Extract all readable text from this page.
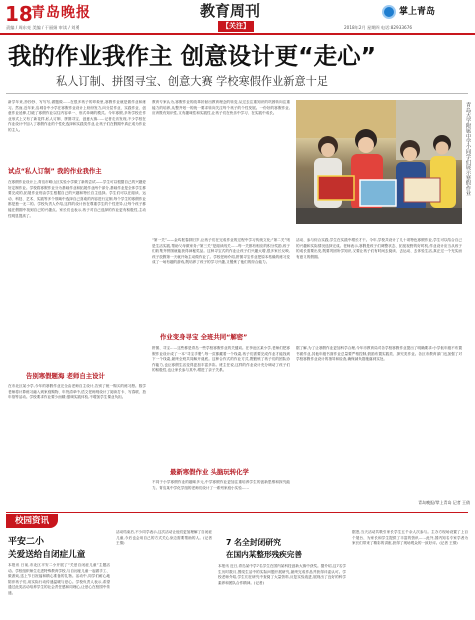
18
青岛晚报
责编 / 周东亮 美编 / 于丽娟 审读 / 刘勇
教育周刊
【关注】
掌上青岛
2018年2月 星期四 电话:82933676
我的作业我作主 创意设计更“走心”
私人订制、拼图寻宝、创意大赛 学校寒假作业新意十足
青岛大学附属中学小同学们展示寒假作业
新学年来,抄抄抄、写写写,做题做……在很多孩子的印象里,寒假作业就是做作业和练习。然而,近年来,岛城各中小学在寒假作业设计上纷纷发力,向分层作业、实践作业、创意作业延伸,打破了寒假作业以往内容单一、形式单调的模式。今年寒假,多所学校在作业形式上又有了新花样,私人订制、拼图寻宝、创意大赛……记者走访发现,不少学校在作业设计中加入了寒假作业的个性化选择和实践类作业,让孩子们在假期中真正成为作业的主人。
试点“私人订制” 我的作业我作主
在寒假作业设计上,青岛市崂山区实验小学做了新的尝试——学生可以根据自己的兴趣爱好定制作业。学校将寒假作业分为基础作业和拓展作业两个部分,基础作业是全体学生都要完成的,拓展作业则由学生根据自己的兴趣和特长自主选择。学生们可以在阅读、运动、科技、艺术、实践等多个领域中选择自己喜欢的内容进行定制,每个学生的寒假作业都是独一无二的。学校负责人介绍,这样的设计旨在尊重学生的个性差异,让每个孩子都能在假期中找到自己的兴趣点。家长们也表示,孩子对自己选择的作业更有积极性,主动性明显提高了。
告别寒假题海 老师自主设计
在市北区某小学,今年的寒假作业完全由老师自主设计,告别了统一购买的练习册。数学老师将计算练习融入到家庭购物、年货清单中,语文老师则设计了阅读打卡、写春联、拍年俗等活动。学校要求作业要少而精,强调实践体验,不增加学生课业负担。
教育专家认为,寒假作业的改革折射出教育理念的转变,从过去注重知识的巩固转向注重能力的培养,从整齐划一的统一要求转向关注每个孩子的个性发展。一份好的寒假作业,应该既有知识性,又有趣味性和实践性,让孩子们在快乐中学习、在实践中成长。
“第一关”——金鸡报春辞旧岁,让孩子们在完成作业的过程中学习传统文化;“第二关”则是生活实践,帮助父母做家务;“第三关”是阅读闯关……每一关都有相应的积分奖励,孩子们收集齐拼图就能获得神秘奖品。这种寻宝式的作业让孩子们兴趣大增,很多家长反映,孩子放假第一天就开始主动做作业了。学校老师介绍,拼图寻宝作业把原本枯燥的练习变成了一场有趣的游戏,既培养了孩子的学习兴趣,又锻炼了他们的综合能力。
作业变身寻宝 全班共同“解密”
拼图、寻宝……这些都是青岛一些学校寒假作业的关键词。在李沧区某小学,老师们把寒假作业设计成了一本“寻宝手册”,每一页都藏着一个线索,孩子们需要完成作业才能找到下一个线索,最终全班共同解开谜底。这种合作式的作业方式,既锻炼了孩子们的团队协作能力,也让寒假生活变得更加丰富多彩。班主任说,这样的作业设计充分调动了孩子们的积极性,也让家长参与其中,增进了亲子关系。
最新寒假作业 头脑玩转化学
不同于小学寒假作业的趣味多元,中学寒假作业更加注重培养学生的创新思维和探究能力。青岛某中学化学组的老师们设计了一系列家庭小实验……
活动、参与综合实践,学生在实践中增长才干。今年,学校共设计了几十项特色寒假作业,学生可以结合自己的兴趣和实际情况选择完成。老师表示,寒假是孩子们调整状态、拓宽视野的好时机,作业设计应当从孩子的成长需要出发,既要巩固所学知识,又要让孩子们有时间去阅读、去运动、去体验生活,真正过一个充实而有意义的假期。
据了解,为了让寒假作业更加科学合理,今年市教育局对各学校寒假作业提出了明确要求:小学低年级不布置书面作业,其他年级书面作业总量要严格控制,鼓励布置实践类、探究类作业。各区市教育部门也加强了对学校寒假作业设计的指导和检查,确保减负措施落到实处。
青岛晚报/掌上青岛 记者 王倩
校园资讯
平安二小
关爱送给自闭症儿童
本报讯 日前,市北区平安二小开展了“关爱自闭症儿童”主题活动。学校组织师生走进特殊教育学校,与自闭症儿童一起做手工、做游戏,送上节日祝福和精心准备的礼物。活动中,同学们耐心地陪伴孩子们,用实际行动传递温暖与爱心。学校负责人表示,希望通过此类活动培养学生的社会责任感和同理心,让爱心在校园中传递。
活动结束后,不少同学表示,这次活动让他们更加理解了自闭症儿童,今后也会用自己的方式关心身边需要帮助的人。(记者 王倩)	7 名全封闭研究
在国内某整形残疾完善
本报讯 近日,青岛某中学7名学生在国内某科技创新大赛中获奖。据介绍,这7名学生历时数月,围绕生活中的实际问题开展研究,最终完成作品并获得评委认可。学校老师介绍,学生们在研究中查阅了大量资料,反复实验改进,展现出了良好的科学素养和团队合作精神。(记者)
据悉,当天活动共吸引家长学生五千余人次参与。主办方现场设置了上百个展台、为家长和学生提供了丰富的资讯……此外,国内知名专家学者为家长们带来了精彩的讲座,获得了现场观众的一致好评。(记者 王倩)
